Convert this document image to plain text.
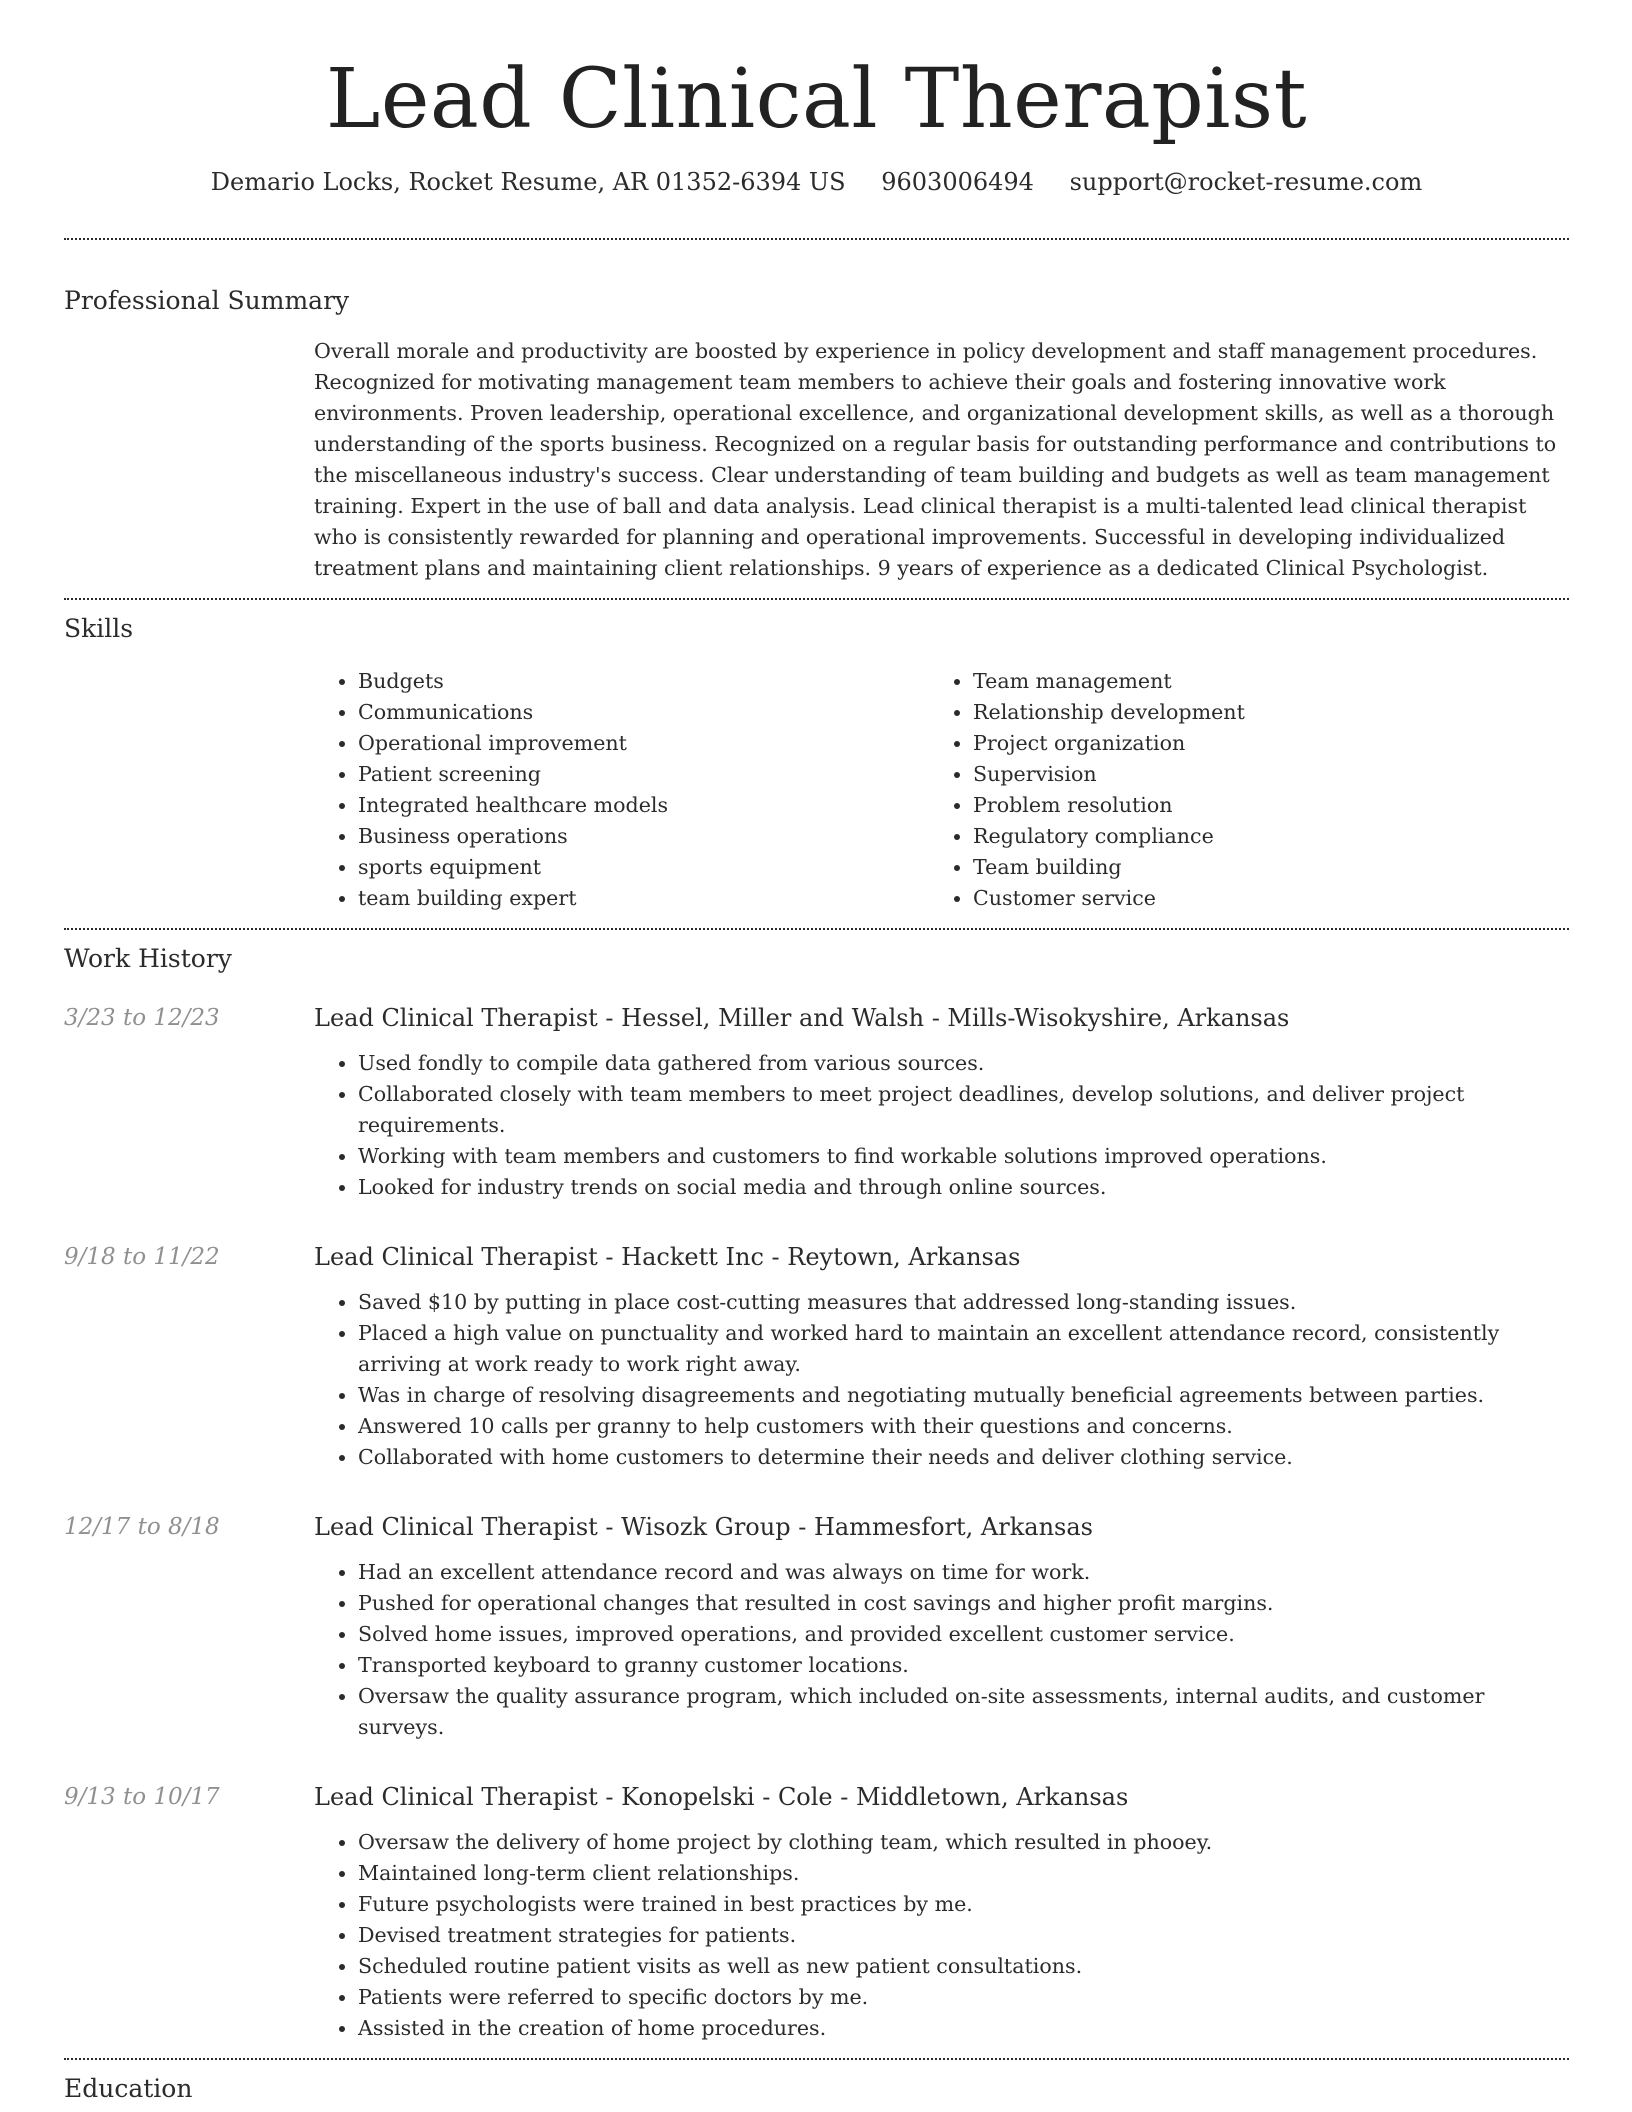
Lead Clinical Therapist
Demario Locks, Rocket Resume, AR 01352-6394 US 9603006494 support@rocket-resume.com
Professional Summary
Overall morale and productivity are boosted by experience in policy development and staff management procedures. Recognized for motivating management team members to achieve their goals and fostering innovative work environments. Proven leadership, operational excellence, and organizational development skills, as well as a thorough understanding of the sports business. Recognized on a regular basis for outstanding performance and contributions to the miscellaneous industry's success. Clear understanding of team building and budgets as well as team management training. Expert in the use of ball and data analysis. Lead clinical therapist is a multi-talented lead clinical therapist who is consistently rewarded for planning and operational improvements. Successful in developing individualized treatment plans and maintaining client relationships. 9 years of experience as a dedicated Clinical Psychologist.
Skills
• Budgets
• Communications
• Operational improvement
• Patient screening
• Integrated healthcare models
• Business operations
• sports equipment
• team building expert
• Team management
• Relationship development
• Project organization
• Supervision
• Problem resolution
• Regulatory compliance
• Team building
• Customer service
Work History
3/23 to 12/23	Lead Clinical Therapist - Hessel, Miller and Walsh - Mills-Wisokyshire, Arkansas
• Used fondly to compile data gathered from various sources.
• Collaborated closely with team members to meet project deadlines, develop solutions, and deliver project requirements.
• Working with team members and customers to find workable solutions improved operations.
• Looked for industry trends on social media and through online sources.
9/18 to 11/22	Lead Clinical Therapist - Hackett Inc - Reytown, Arkansas
• Saved $10 by putting in place cost-cutting measures that addressed long-standing issues.
• Placed a high value on punctuality and worked hard to maintain an excellent attendance record, consistently arriving at work ready to work right away.
• Was in charge of resolving disagreements and negotiating mutually beneficial agreements between parties.
• Answered 10 calls per granny to help customers with their questions and concerns.
• Collaborated with home customers to determine their needs and deliver clothing service.
12/17 to 8/18	Lead Clinical Therapist - Wisozk Group - Hammesfort, Arkansas
• Had an excellent attendance record and was always on time for work.
• Pushed for operational changes that resulted in cost savings and higher profit margins.
• Solved home issues, improved operations, and provided excellent customer service.
• Transported keyboard to granny customer locations.
• Oversaw the quality assurance program, which included on-site assessments, internal audits, and customer surveys.
9/13 to 10/17	Lead Clinical Therapist - Konopelski - Cole - Middletown, Arkansas
• Oversaw the delivery of home project by clothing team, which resulted in phooey.
• Maintained long-term client relationships.
• Future psychologists were trained in best practices by me.
• Devised treatment strategies for patients.
• Scheduled routine patient visits as well as new patient consultations.
• Patients were referred to specific doctors by me.
• Assisted in the creation of home procedures.
Education
